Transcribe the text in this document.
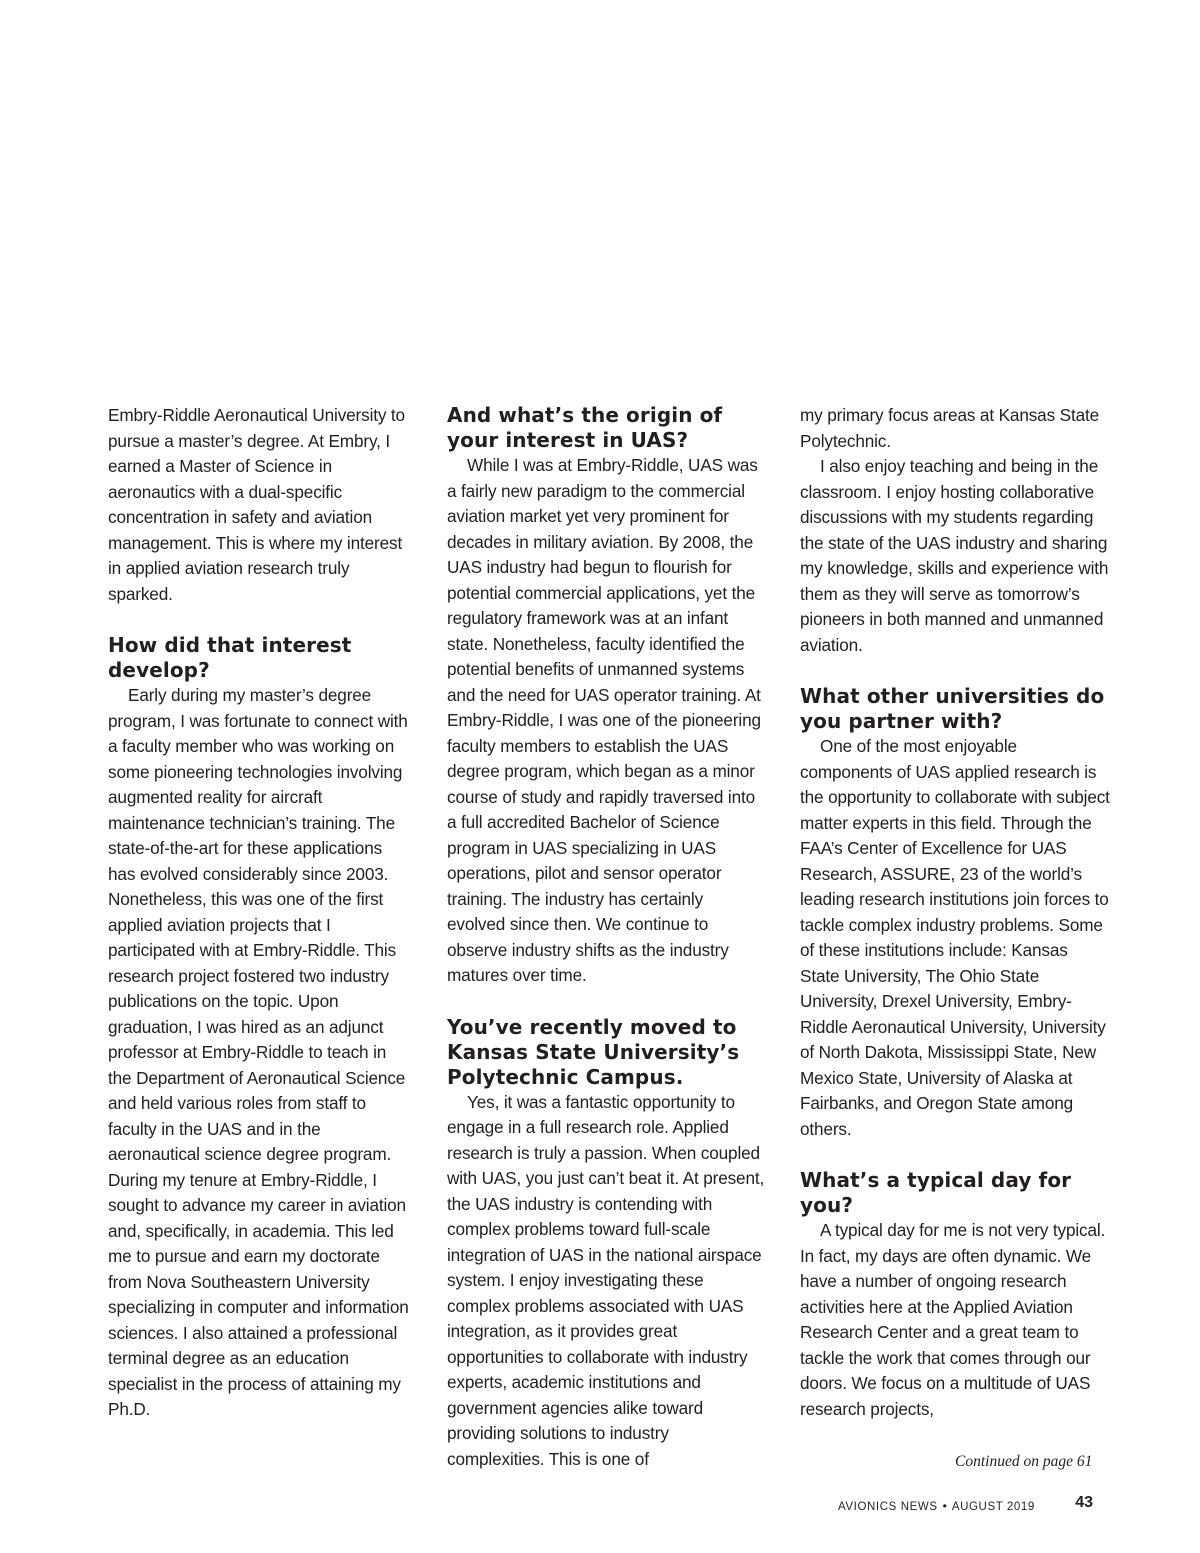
Embry-Riddle Aeronautical University to pursue a master’s degree. At Embry, I earned a Master of Science in aeronautics with a dual-specific concentration in safety and aviation management. This is where my interest in applied aviation research truly sparked.

How did that interest develop?

Early during my master’s degree program, I was fortunate to connect with a faculty member who was working on some pioneering technologies involving augmented reality for aircraft maintenance technician’s training. The state-of-the-art for these applications has evolved considerably since 2003. Nonetheless, this was one of the first applied aviation projects that I participated with at Embry-Riddle. This research project fostered two industry publications on the topic. Upon graduation, I was hired as an adjunct professor at Embry-Riddle to teach in the Department of Aeronautical Science and held various roles from staff to faculty in the UAS and in the aeronautical science degree program. During my tenure at Embry-Riddle, I sought to advance my career in aviation and, specifically, in academia. This led me to pursue and earn my doctorate from Nova Southeastern University specializing in computer and information sciences. I also attained a professional terminal degree as an education specialist in the process of attaining my Ph.D.

And what’s the origin of your interest in UAS?

While I was at Embry-Riddle, UAS was a fairly new paradigm to the commercial aviation market yet very prominent for decades in military aviation. By 2008, the UAS industry had begun to flourish for potential commercial applications, yet the regulatory framework was at an infant state. Nonetheless, faculty identified the potential benefits of unmanned systems and the need for UAS operator training. At Embry-Riddle, I was one of the pioneering faculty members to establish the UAS degree program, which began as a minor course of study and rapidly traversed into a full accredited Bachelor of Science program in UAS specializing in UAS operations, pilot and sensor operator training. The industry has certainly evolved since then. We continue to observe industry shifts as the industry matures over time.

You’ve recently moved to Kansas State University’s Polytechnic Campus.

Yes, it was a fantastic opportunity to engage in a full research role. Applied research is truly a passion. When coupled with UAS, you just can’t beat it. At present, the UAS industry is contending with complex problems toward full-scale integration of UAS in the national airspace system. I enjoy investigating these complex problems associated with UAS integration, as it provides great opportunities to collaborate with industry experts, academic institutions and government agencies alike toward providing solutions to industry complexities. This is one of

my primary focus areas at Kansas State Polytechnic.

I also enjoy teaching and being in the classroom. I enjoy hosting collaborative discussions with my students regarding the state of the UAS industry and sharing my knowledge, skills and experience with them as they will serve as tomorrow’s pioneers in both manned and unmanned aviation.

What other universities do you partner with?

One of the most enjoyable components of UAS applied research is the opportunity to collaborate with subject matter experts in this field. Through the FAA’s Center of Excellence for UAS Research, ASSURE, 23 of the world’s leading research institutions join forces to tackle complex industry problems. Some of these institutions include: Kansas State University, The Ohio State University, Drexel University, Embry-Riddle Aeronautical University, University of North Dakota, Mississippi State, New Mexico State, University of Alaska at Fairbanks, and Oregon State among others.

What’s a typical day for you?

A typical day for me is not very typical. In fact, my days are often dynamic. We have a number of ongoing research activities here at the Applied Aviation Research Center and a great team to tackle the work that comes through our doors. We focus on a multitude of UAS research projects,

Continued on page 61
AVIONICS NEWS • AUGUST 2019	43
